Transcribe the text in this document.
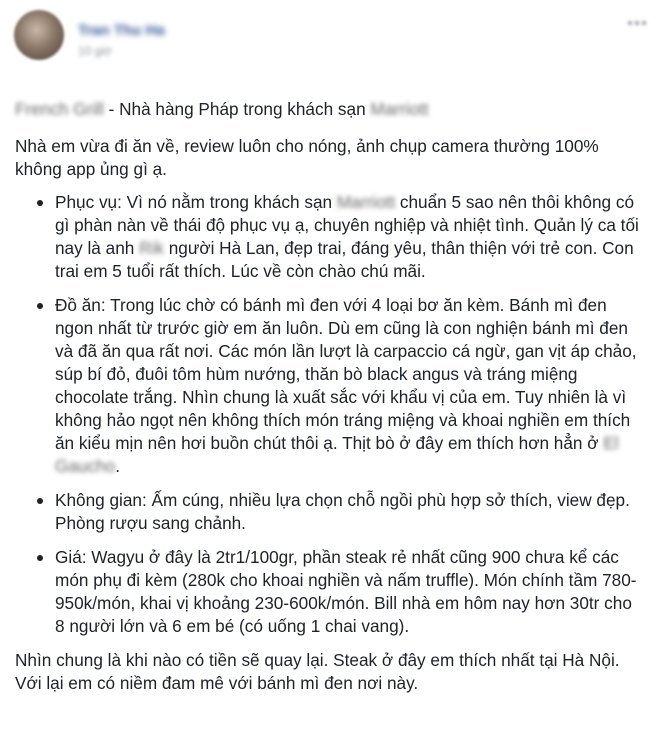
Tran Thu Ha
10 giờ

French Grill - Nhà hàng Pháp trong khách sạn Marriott

Nhà em vừa đi ăn về, review luôn cho nóng, ảnh chụp camera thường 100% không app ủng gì ạ.

Phục vụ: Vì nó nằm trong khách sạn Marriott chuẩn 5 sao nên thôi không có gì phàn nàn về thái độ phục vụ ạ, chuyên nghiệp và nhiệt tình. Quản lý ca tối nay là anh Rik người Hà Lan, đẹp trai, đáng yêu, thân thiện với trẻ con. Con trai em 5 tuổi rất thích. Lúc về còn chào chú mãi.
Đồ ăn: Trong lúc chờ có bánh mì đen với 4 loại bơ ăn kèm. Bánh mì đen ngon nhất từ trước giờ em ăn luôn. Dù em cũng là con nghiện bánh mì đen và đã ăn qua rất nơi. Các món lần lượt là carpaccio cá ngừ, gan vịt áp chảo, súp bí đỏ, đuôi tôm hùm nướng, thăn bò black angus và tráng miệng chocolate trắng. Nhìn chung là xuất sắc với khẩu vị của em. Tuy nhiên là vì không hảo ngọt nên không thích món tráng miệng và khoai nghiền em thích ăn kiểu mịn nên hơi buồn chút thôi ạ. Thịt bò ở đây em thích hơn hẳn ở El Gaucho.
Không gian: Ấm cúng, nhiều lựa chọn chỗ ngồi phù hợp sở thích, view đẹp. Phòng rượu sang chảnh.
Giá: Wagyu ở đây là 2tr1/100gr, phần steak rẻ nhất cũng 900 chưa kể các món phụ đi kèm (280k cho khoai nghiền và nấm truffle). Món chính tầm 780-950k/món, khai vị khoảng 230-600k/món. Bill nhà em hôm nay hơn 30tr cho 8 người lớn và 6 em bé (có uống 1 chai vang).

Nhìn chung là khi nào có tiền sẽ quay lại. Steak ở đây em thích nhất tại Hà Nội. Với lại em có niềm đam mê với bánh mì đen nơi này.
